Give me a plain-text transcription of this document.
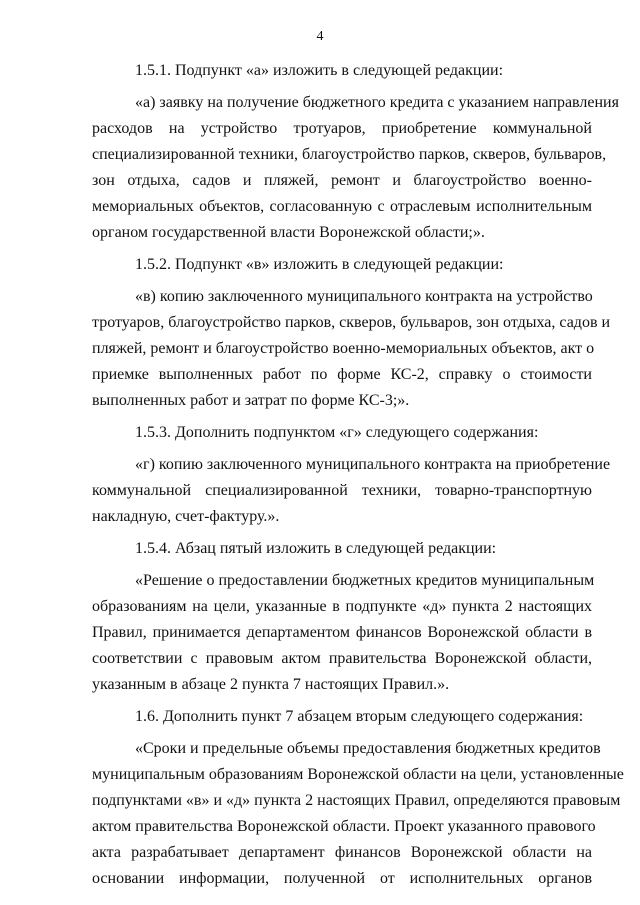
4

1.5.1. Подпункт «а» изложить в следующей редакции:

«а) заявку на получение бюджетного кредита с указанием направления
расходов на устройство тротуаров, приобретение коммунальной
специализированной техники, благоустройство парков, скверов, бульваров,
зон отдыха, садов и пляжей, ремонт и благоустройство военно-
мемориальных объектов, согласованную с отраслевым исполнительным
органом государственной власти Воронежской области;».

1.5.2. Подпункт «в» изложить в следующей редакции:

«в) копию заключенного муниципального контракта на устройство
тротуаров, благоустройство парков, скверов, бульваров, зон отдыха, садов и
пляжей, ремонт и благоустройство военно-мемориальных объектов, акт о
приемке выполненных работ по форме КС-2, справку о стоимости
выполненных работ и затрат по форме КС-3;».

1.5.3. Дополнить подпунктом «г» следующего содержания:

«г) копию заключенного муниципального контракта на приобретение
коммунальной специализированной техники, товарно-транспортную
накладную, счет-фактуру.».

1.5.4. Абзац пятый изложить в следующей редакции:

«Решение о предоставлении бюджетных кредитов муниципальным
образованиям на цели, указанные в подпункте «д» пункта 2 настоящих
Правил, принимается департаментом финансов Воронежской области в
соответствии с правовым актом правительства Воронежской области,
указанным в абзаце 2 пункта 7 настоящих Правил.».

1.6. Дополнить пункт 7 абзацем вторым следующего содержания:

«Сроки и предельные объемы предоставления бюджетных кредитов
муниципальным образованиям Воронежской области на цели, установленные
подпунктами «в» и «д» пункта 2 настоящих Правил, определяются правовым
актом правительства Воронежской области. Проект указанного правового
акта разрабатывает департамент финансов Воронежской области на
основании информации, полученной от исполнительных органов
